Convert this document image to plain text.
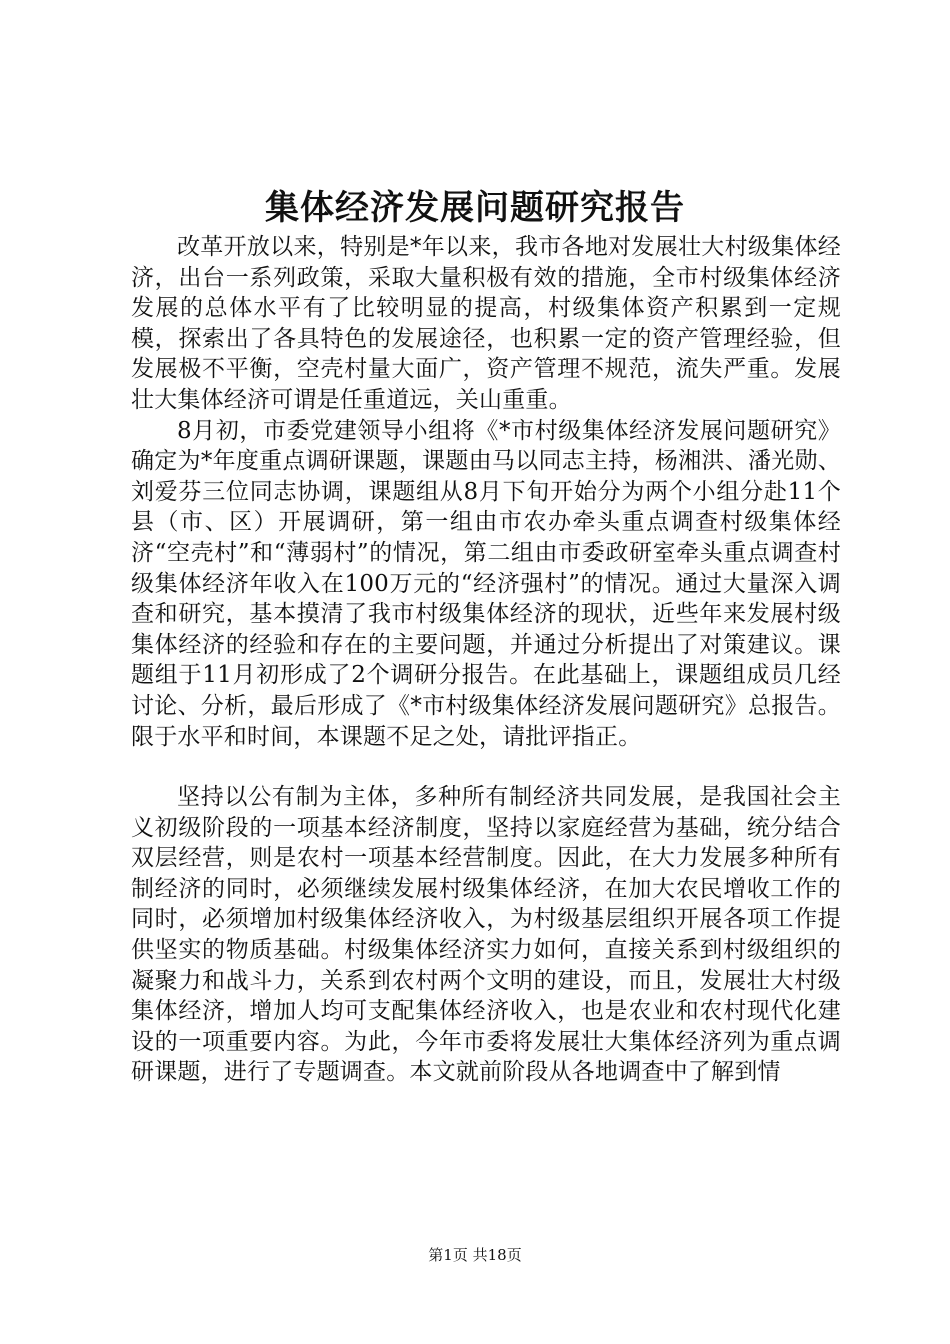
集体经济发展问题研究报告

改革开放以来，特别是*年以来，我市各地对发展壮大村级集体经济，出台一系列政策，采取大量积极有效的措施，全市村级集体经济发展的总体水平有了比较明显的提高，村级集体资产积累到一定规模，探索出了各具特色的发展途径，也积累一定的资产管理经验，但发展极不平衡，空壳村量大面广，资产管理不规范，流失严重。发展壮大集体经济可谓是任重道远，关山重重。

8月初，市委党建领导小组将《*市村级集体经济发展问题研究》确定为*年度重点调研课题，课题由马以同志主持，杨湘洪、潘光勋、刘爱芬三位同志协调，课题组从8月下旬开始分为两个小组分赴11个县（市、区）开展调研，第一组由市农办牵头重点调查村级集体经济“空壳村”和“薄弱村”的情况，第二组由市委政研室牵头重点调查村级集体经济年收入在100万元的“经济强村”的情况。通过大量深入调查和研究，基本摸清了我市村级集体经济的现状，近些年来发展村级集体经济的经验和存在的主要问题，并通过分析提出了对策建议。课题组于11月初形成了2个调研分报告。在此基础上，课题组成员几经讨论、分析，最后形成了《*市村级集体经济发展问题研究》总报告。限于水平和时间，本课题不足之处，请批评指正。

坚持以公有制为主体，多种所有制经济共同发展，是我国社会主义初级阶段的一项基本经济制度，坚持以家庭经营为基础，统分结合双层经营，则是农村一项基本经营制度。因此，在大力发展多种所有制经济的同时，必须继续发展村级集体经济，在加大农民增收工作的同时，必须增加村级集体经济收入，为村级基层组织开展各项工作提供坚实的物质基础。村级集体经济实力如何，直接关系到村级组织的凝聚力和战斗力，关系到农村两个文明的建设，而且，发展壮大村级集体经济，增加人均可支配集体经济收入，也是农业和农村现代化建设的一项重要内容。为此，今年市委将发展壮大集体经济列为重点调研课题，进行了专题调查。本文就前阶段从各地调查中了解到情

第1页 共18页
